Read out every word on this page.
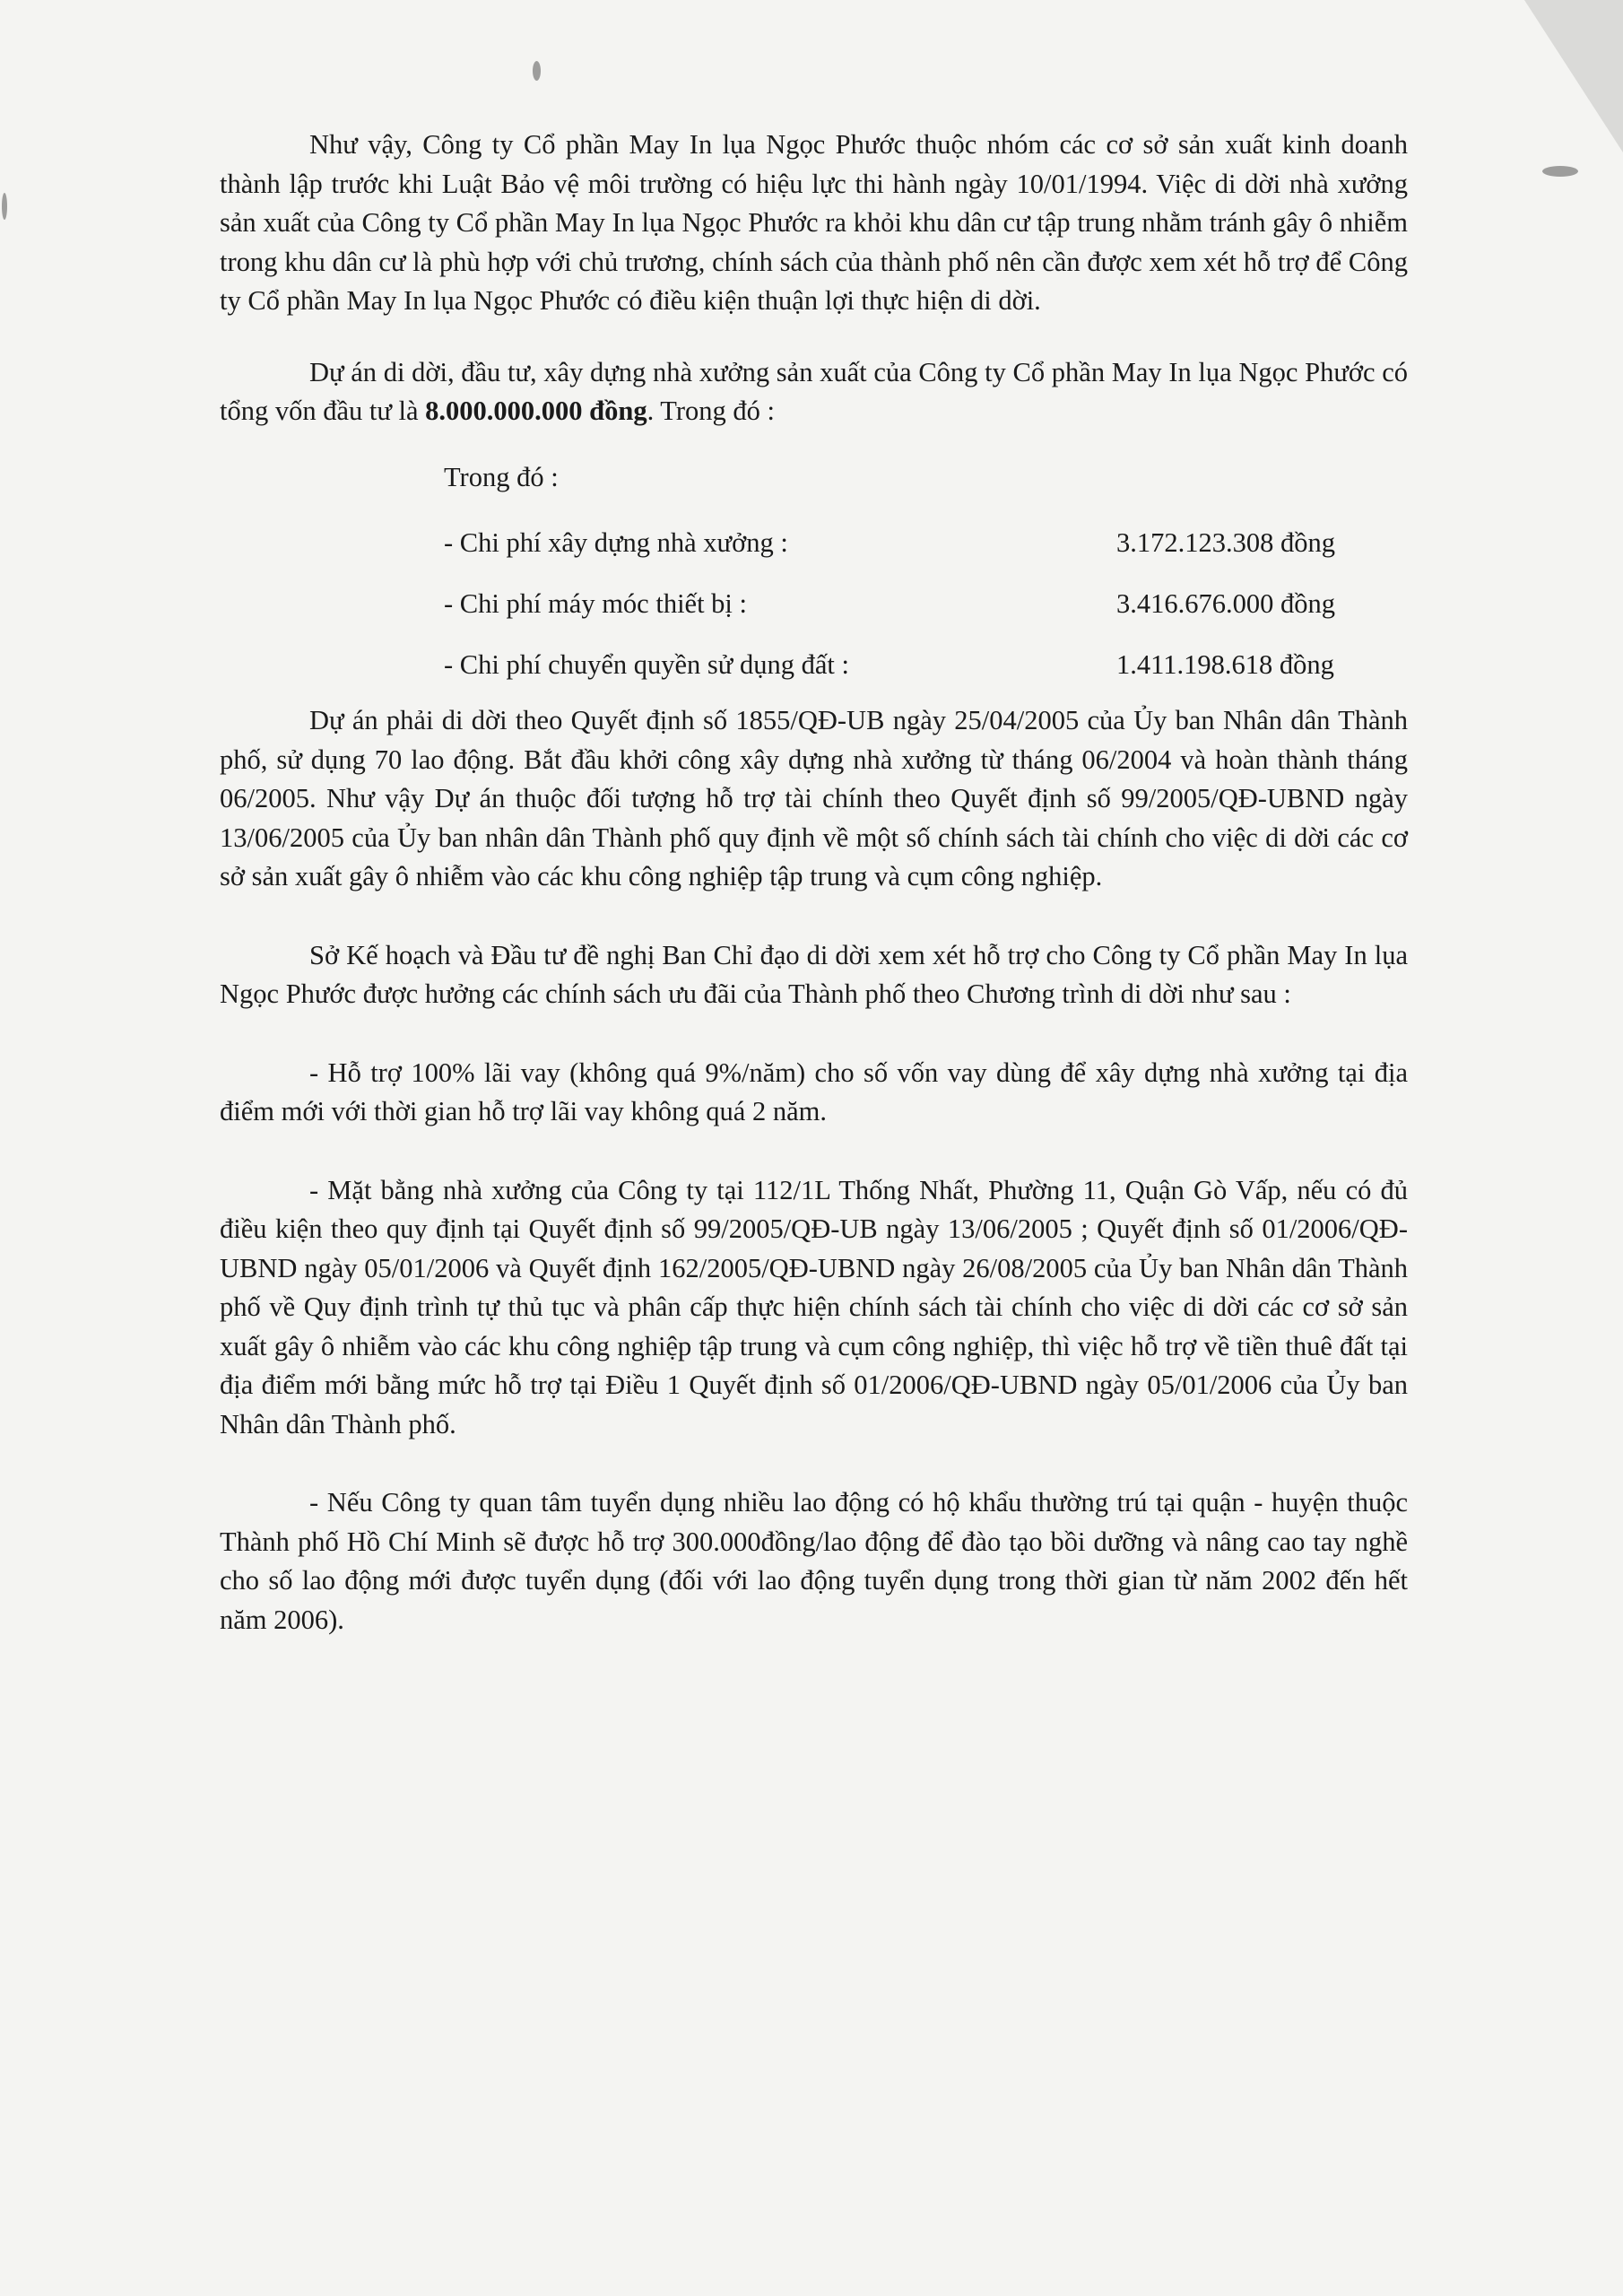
Như vậy, Công ty Cổ phần May In lụa Ngọc Phước thuộc nhóm các cơ sở sản xuất kinh doanh thành lập trước khi Luật Bảo vệ môi trường có hiệu lực thi hành ngày 10/01/1994. Việc di dời nhà xưởng sản xuất của Công ty Cổ phần May In lụa Ngọc Phước ra khỏi khu dân cư tập trung nhằm tránh gây ô nhiễm trong khu dân cư là phù hợp với chủ trương, chính sách của thành phố nên cần được xem xét hỗ trợ để Công ty Cổ phần May In lụa Ngọc Phước có điều kiện thuận lợi thực hiện di dời.

Dự án di dời, đầu tư, xây dựng nhà xưởng sản xuất của Công ty Cổ phần May In lụa Ngọc Phước có tổng vốn đầu tư là 8.000.000.000 đồng. Trong đó :

Trong đó :

- Chi phí xây dựng nhà xưởng :	3.172.123.308 đồng
- Chi phí máy móc thiết bị :	3.416.676.000 đồng
- Chi phí chuyển quyền sử dụng đất :	1.411.198.618 đồng

Dự án phải di dời theo Quyết định số 1855/QĐ-UB ngày 25/04/2005 của Ủy ban Nhân dân Thành phố, sử dụng 70 lao động. Bắt đầu khởi công xây dựng nhà xưởng từ tháng 06/2004 và hoàn thành tháng 06/2005. Như vậy Dự án thuộc đối tượng hỗ trợ tài chính theo Quyết định số 99/2005/QĐ-UBND ngày 13/06/2005 của Ủy ban nhân dân Thành phố quy định về một số chính sách tài chính cho việc di dời các cơ sở sản xuất gây ô nhiễm vào các khu công nghiệp tập trung và cụm công nghiệp.

Sở Kế hoạch và Đầu tư đề nghị Ban Chỉ đạo di dời xem xét hỗ trợ cho Công ty Cổ phần May In lụa Ngọc Phước được hưởng các chính sách ưu đãi của Thành phố theo Chương trình di dời như sau :

- Hỗ trợ 100% lãi vay (không quá 9%/năm) cho số vốn vay dùng để xây dựng nhà xưởng tại địa điểm mới với thời gian hỗ trợ lãi vay không quá 2 năm.

- Mặt bằng nhà xưởng của Công ty tại 112/1L Thống Nhất, Phường 11, Quận Gò Vấp, nếu có đủ điều kiện theo quy định tại Quyết định số 99/2005/QĐ-UB ngày 13/06/2005 ; Quyết định số 01/2006/QĐ-UBND ngày 05/01/2006 và Quyết định 162/2005/QĐ-UBND ngày 26/08/2005 của Ủy ban Nhân dân Thành phố về Quy định trình tự thủ tục và phân cấp thực hiện chính sách tài chính cho việc di dời các cơ sở sản xuất gây ô nhiễm vào các khu công nghiệp tập trung và cụm công nghiệp, thì việc hỗ trợ về tiền thuê đất tại địa điểm mới bằng mức hỗ trợ tại Điều 1 Quyết định số 01/2006/QĐ-UBND ngày 05/01/2006 của Ủy ban Nhân dân Thành phố.

- Nếu Công ty quan tâm tuyển dụng nhiều lao động có hộ khẩu thường trú tại quận - huyện thuộc Thành phố Hồ Chí Minh sẽ được hỗ trợ 300.000đồng/lao động để đào tạo bồi dưỡng và nâng cao tay nghề cho số lao động mới được tuyển dụng (đối với lao động tuyển dụng trong thời gian từ năm 2002 đến hết năm 2006).
